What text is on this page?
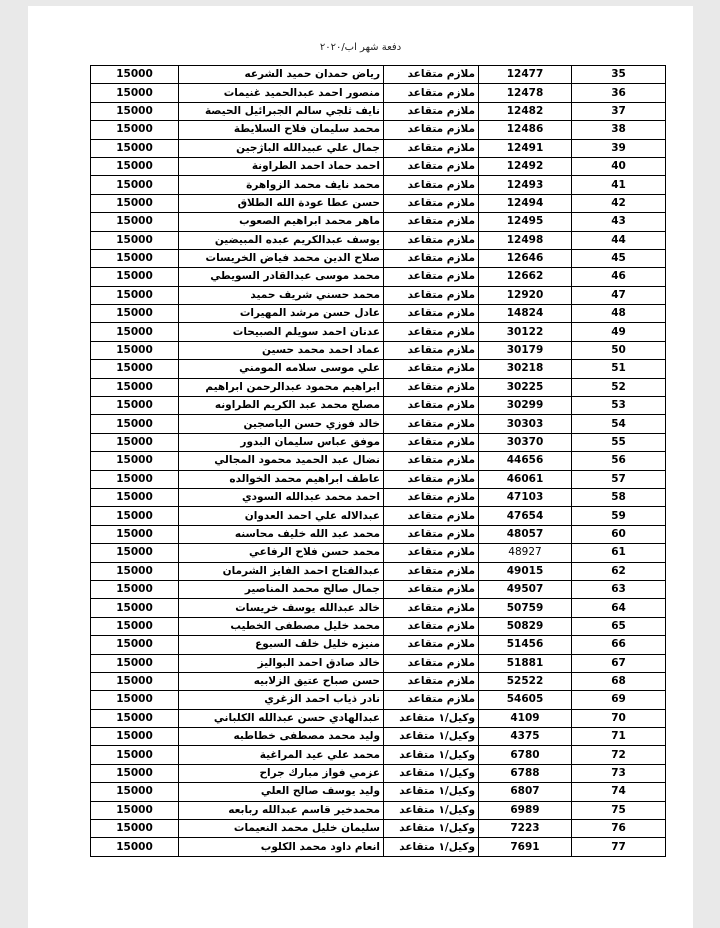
دفعة شهر اب/٢٠٢٠
15000	رياض حمدان حميد الشرعه	ملازم متقاعد	12477	35
15000	منصور احمد عبدالحميد غنيمات	ملازم متقاعد	12478	36
15000	نايف ثلجي سالم الجبرائيل الحيصة	ملازم متقاعد	12482	37
15000	محمد سليمان فلاح السلايطة	ملازم متقاعد	12486	38
15000	جمال علي عبيدالله الباژجين	ملازم متقاعد	12491	39
15000	احمد حماد احمد الطراونة	ملازم متقاعد	12492	40
15000	محمد نايف محمد الزواهرة	ملازم متقاعد	12493	41
15000	حسن عطا عودة الله الطلاق	ملازم متقاعد	12494	42
15000	ماهر محمد ابراهيم الصعوب	ملازم متقاعد	12495	43
15000	يوسف عبدالكريم عبده المبيضين	ملازم متقاعد	12498	44
15000	صلاح الدين محمد فياض الخريسات	ملازم متقاعد	12646	45
15000	محمد موسى عبدالقادر السويطي	ملازم متقاعد	12662	46
15000	محمد حسني شريف حميد	ملازم متقاعد	12920	47
15000	عادل حسن مرشد المهيرات	ملازم متقاعد	14824	48
15000	عدنان احمد سويلم الصبيحات	ملازم متقاعد	30122	49
15000	عماد احمد محمد حسين	ملازم متقاعد	30179	50
15000	علي موسى سلامه المومني	ملازم متقاعد	30218	51
15000	ابراهيم محمود عبدالرحمن ابراهيم	ملازم متقاعد	30225	52
15000	مصلح محمد عبد الكريم الطراونه	ملازم متقاعد	30299	53
15000	خالد فوزي حسن الياصجين	ملازم متقاعد	30303	54
15000	موفق عباس سليمان البدور	ملازم متقاعد	30370	55
15000	نضال عبد الحميد محمود المجالي	ملازم متقاعد	44656	56
15000	عاطف ابراهيم محمد الخوالده	ملازم متقاعد	46061	57
15000	احمد محمد عبدالله السودي	ملازم متقاعد	47103	58
15000	عبدالاله علي احمد العدوان	ملازم متقاعد	47654	59
15000	محمد عبد الله خليف محاسنه	ملازم متقاعد	48057	60
15000	محمد حسن فلاح الرفاعي	ملازم متقاعد	48927	61
15000	عبدالفتاح احمد الفايز الشرمان	ملازم متقاعد	49015	62
15000	جمال صالح محمد المناصير	ملازم متقاعد	49507	63
15000	خالد عبدالله يوسف خريسات	ملازم متقاعد	50759	64
15000	محمد خليل مصطفى الخطيب	ملازم متقاعد	50829	65
15000	منيزه خليل خلف السبوع	ملازم متقاعد	51456	66
15000	خالد صادق احمد البواليز	ملازم متقاعد	51881	67
15000	حسن صباح عتيق الزلابيه	ملازم متقاعد	52522	68
15000	نادر ذياب احمد الزغري	ملازم متقاعد	54605	69
15000	عبدالهادي حسن عبدالله الكلباني	وكيل/١ متقاعد	4109	70
15000	وليد محمد مصطفى خطاطبه	وكيل/١ متقاعد	4375	71
15000	محمد علي عيد المراغية	وكيل/١ متقاعد	6780	72
15000	عزمي فواز مبارك جراح	وكيل/١ متقاعد	6788	73
15000	وليد يوسف صالح العلي	وكيل/١ متقاعد	6807	74
15000	محمدخير قاسم عبدالله ربابعه	وكيل/١ متقاعد	6989	75
15000	سليمان خليل محمد النعيمات	وكيل/١ متقاعد	7223	76
15000	انعام داود محمد الكلوب	وكيل/١ متقاعد	7691	77
